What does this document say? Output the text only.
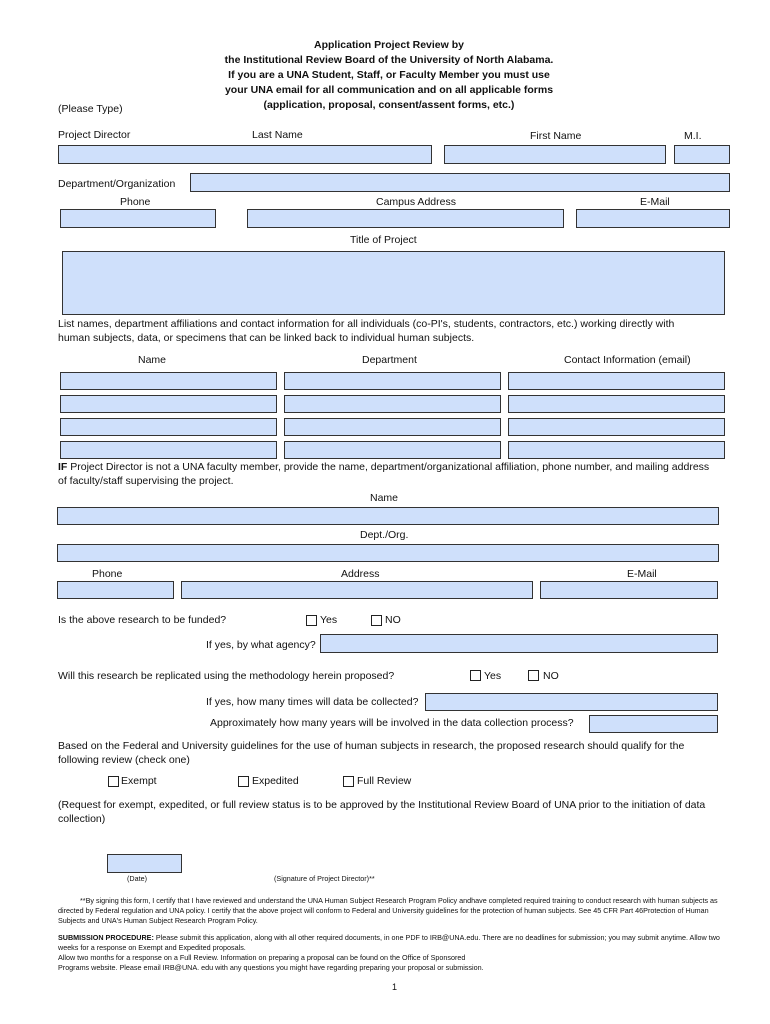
Application Project Review by
the Institutional Review Board of the University of North Alabama.
If you are a UNA Student, Staff, or Faculty Member you must use
your UNA email for all communication and on all applicable forms
(application, proposal, consent/assent forms, etc.)
(Please Type)
Project Director	Last Name	First Name	M.I.
Department/Organization
Phone	Campus Address	E-Mail
Title of Project
List names, department affiliations and contact information for all individuals (co-PI's, students, contractors, etc.) working directly with human subjects, data, or specimens that can be linked back to individual human subjects.
Name	Department	Contact Information (email)
IF Project Director is not a UNA faculty member, provide the name, department/organizational affiliation, phone number, and mailing address of faculty/staff supervising the project.
Name
Dept./Org.
Phone	Address	E-Mail
Is the above research to be funded?	Yes	NO
If yes, by what agency?
Will this research be replicated using the methodology herein proposed?	Yes	NO
If yes, how many times will data be collected?
Approximately how many years will be involved in the data collection process?
Based on the Federal and University guidelines for the use of human subjects in research, the proposed research should qualify for the following review (check one)
Exempt	Expedited	Full Review
(Request for exempt, expedited, or full review status is to be approved by the Institutional Review Board of UNA prior to the initiation of data collection)
(Date)	(Signature of Project Director)**
**By signing this form, I certify that I have reviewed and understand the UNA Human Subject Research Program Policy andhave completed required training to conduct research with human subjects as directed by Federal regulation and UNA policy. I certify that the above project will conform to Federal and University guidelines for the protection of human subjects. See 45 CFR Part 46Protection of Human Subjects and UNA's Human Subject Research Program Policy.
SUBMISSION PROCEDURE: Please submit this application, along with all other required documents, in one PDF to IRB@UNA.edu. There are no deadlines for submission; you may submit anytime. Allow two weeks for a response on Exempt and Expedited proposals.
Allow two months for a response on a Full Review. Information on preparing a proposal can be found on the Office of Sponsored
Programs website. Please email IRB@UNA. edu with any questions you might have regarding preparing your proposal or submission.
1
